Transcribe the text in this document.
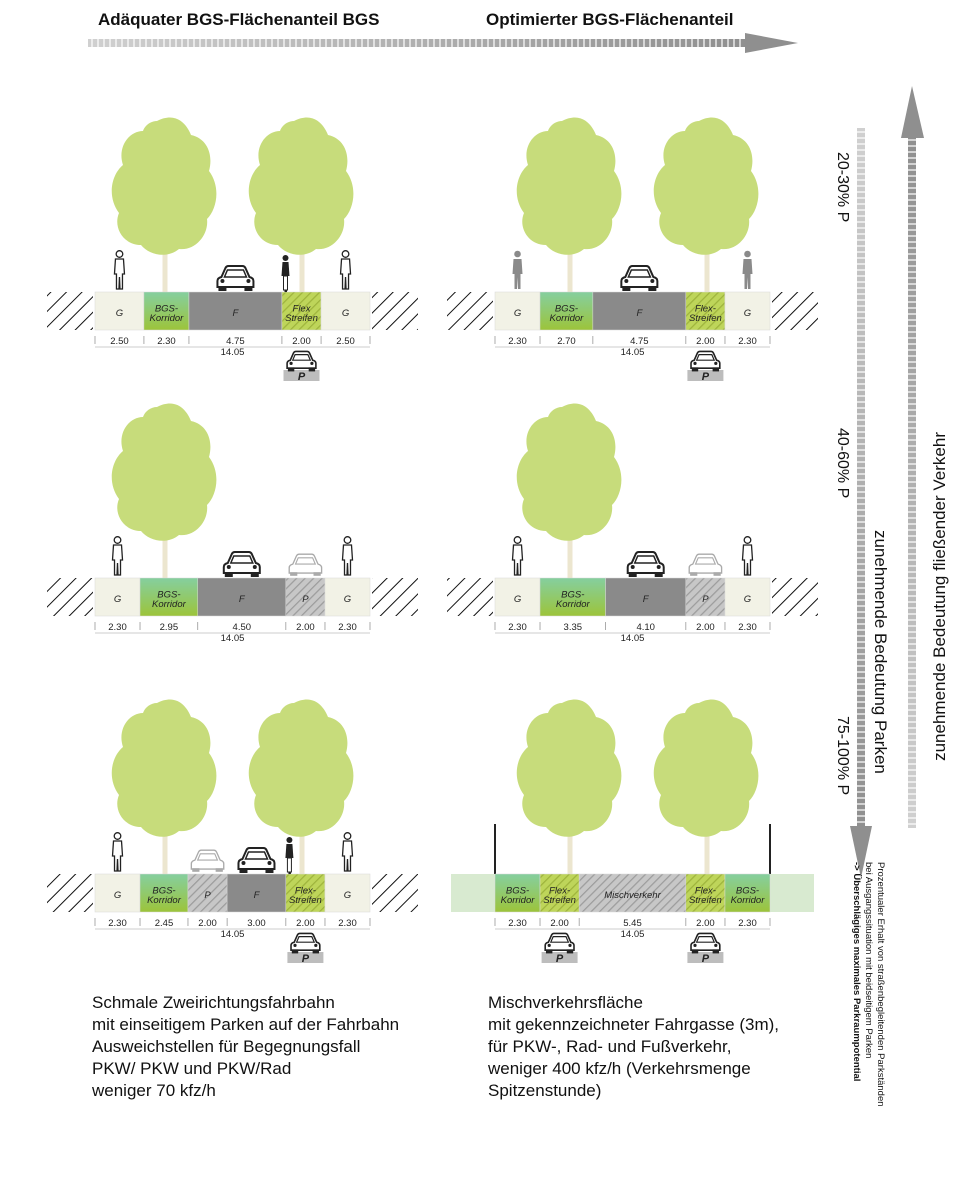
Adäquater BGS-Flächenanteil BGS	Optimierter BGS-Flächenanteil
G
2.50
BGS-Korridor
2.30
F
4.75
Flex Streifen
2.00
G
2.50
14.05
P
G
2.30
BGS-Korridor
2.70
F
4.75
Flex-Streifen
2.00
G
2.30
14.05
P
G
2.30
BGS-Korridor
2.95
F
4.50
P
2.00
G
2.30
14.05
G
2.30
BGS-Korridor
3.35
F
4.10
P
2.00
G
2.30
14.05
G
2.30
BGS-Korridor
2.45
P
2.00
F
3.00
Flex-Streifen
2.00
G
2.30
14.05
P
BGS-Korridor
2.30
Flex-Streifen
2.00
Mischverkehr
5.45
Flex-Streifen
2.00
BGS-Korridor
2.30
14.05
P	P
20-30% P
40-60% P
75-100% P zunehmende Bedeutung Parken zunehmende Bedeutung fließender Verkehr
Prozentualer Erhalt von straßenbegleitenden Parkständen
bei Ausgangssituation mit beidseitigem Parken
-> Überschlägiges maximales Parkraumpotential
Schmale Zweirichtungsfahrbahn
mit einseitigem Parken auf der Fahrbahn
Ausweichstellen für Begegnungsfall
PKW/ PKW und PKW/Rad
weniger 70 kfz/h
Mischverkehrsfläche
mit gekennzeichneter Fahrgasse (3m),
für PKW-, Rad- und Fußverkehr,
weniger 400 kfz/h (Verkehrsmenge
Spitzenstunde)
